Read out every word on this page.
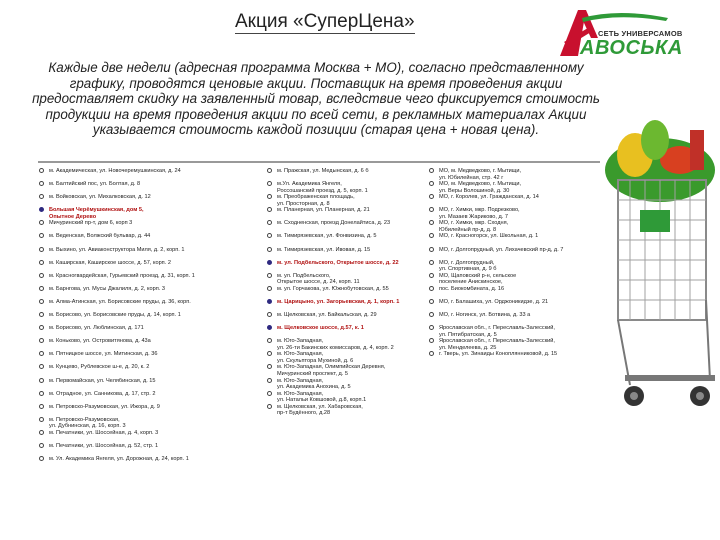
Акция «СуперЦена»
СЕТЬ УНИВЕРСАМОВ
АВОСЬКА
Каждые две недели (адресная программа Москва + МО), согласно представленному графику, проводятся ценовые акции. Поставщик на время проведения акции предоставляет скидку на заявленный товар, вследствие чего фиксируется стоимость продукции на время проведения акции по всей сети, в рекламных материалах Акции указывается стоимость каждой позиции (старая цена + новая цена).
м. Академическая, ул. Новочеремушкинская, д. 24
м. Балтийский пос, ул. Болтая, д. 8
м. Войковская, ул. Михалковская, д. 12
Большая Черёмушкинская, дом 5,
Опытное Дерево
Мичуринский пр-т, дом 6, корп 3
м. Веденская, Волжский бульвар, д. 44
м. Выхино, ул. Авиаконструктора Миля, д. 2, корп. 1
м. Каширская, Каширское шоссе, д. 57, корп. 2
м. Красногвардейская, Гурьевский проезд, д. 31, корп. 1
м. Барнгова, ул. Мусы Джалиля, д. 2, корп. 3
м. Алма-Атинская, ул. Борисовские пруды, д. 36, корп.
м. Борисово, ул. Борисовские пруды, д. 14, корп. 1
м. Борисово, ул. Люблинская, д. 171
м. Коньково, ул. Островитянова, д. 43а
м. Пятницкое шоссе, ул. Митинская, д. 36
м. Кунцево, Рублевское ш-е, д. 20, к. 2
м. Первомайская, ул. Челябинская, д. 15
м. Отрадное, ул. Санникова, д. 17, стр. 2
м. Петровско-Разумовская, ул. Ижора, д. 9
м. Петровско-Разумовская,
ул. Дубнинская, д. 16, корп. 3
м. Печатники, ул. Шоссейная, д. 4, корп. 3
м. Печатники, ул. Шоссейная, д. 52, стр. 1
м. Ул. Академика Янгеля, ул. Дорожная, д. 24, корп. 1
м. Пражская, ул. Медынская, д. 6 б
м.Ул. Академика Янгеля,
Россошанский проезд, д. 5, корп. 1
м. Преображенская площадь,
ул. Просторная, д. 8
м. Планерная, ул. Планерная, д. 21
м. Сходненская, проезд Донелайтиса, д. 23
м. Тимирязевская, ул. Фонвизина, д. 5
м. Тимирязевская, ул. Ивовая, д. 15
м. ул. Подбельского, Открытое шоссе, д. 22
м. ул. Подбельского,
Открытое шоссе, д. 24, корп. 11
м. ул. Горчакова, ул. Южнобутовская, д. 55
м. Царицыно, ул. Загорьевская, д. 1, корп. 1
м. Щелковская, ул. Байкальская, д. 29
м. Щелковское шоссе, д.57, к. 1
м. Юго-Западная,
ул. 26-ти Бакинских комиссаров, д. 4, корп. 2
м. Юго-Западная,
ул. Скульптора Мухиной, д. 6
м. Юго-Западная, Олимпийская Деревня,
Мичуринский проспект, д. 5
м. Юго-Западная,
ул. Академика Анохина, д. 5
м. Юго-Западная,
ул. Натальи Ковшовой, д.8, корп.1
м. Щелковская, ул. Хабаровская,
пр-т Будённого, д.28
МО, м. Медведково, г. Мытищи,
ул. Юбилейная, стр. 42 г
МО, м. Медведково, г. Мытищи,
ул. Веры Волошиной, д. 30
МО, г. Королев, ул. Гражданская, д. 14
МО, г. Химки, мкр. Подрезково,
ул. Мазаев Жариково, д. 7
МО, г. Химки, мкр. Сходня,
Юбилейный пр-д, д. 8
МО, г. Красногорск, ул. Школьная, д. 1
МО, г. Долгопрудный, ул. Лихачевский пр-д, д. 7
МО, г. Долгопрудный,
ул. Спортивная, д. 9 б
МО, Щаповский р-н, сельское
поселение Анискинское,
пос. Биокомбината, д. 16
МО, г. Балашиха, ул. Орджоникидзе, д. 21
МО, г. Ногинск, ул. Ботвина, д. 33 а
Ярославская обл., г. Переславль-Залесский,
ул. Пятибратская, д. 5
Ярославская обл., г. Переславль-Залесский,
ул. Менделеева, д. 25
г. Тверь, ул. Зинаиды Коноплянниковой, д. 15
